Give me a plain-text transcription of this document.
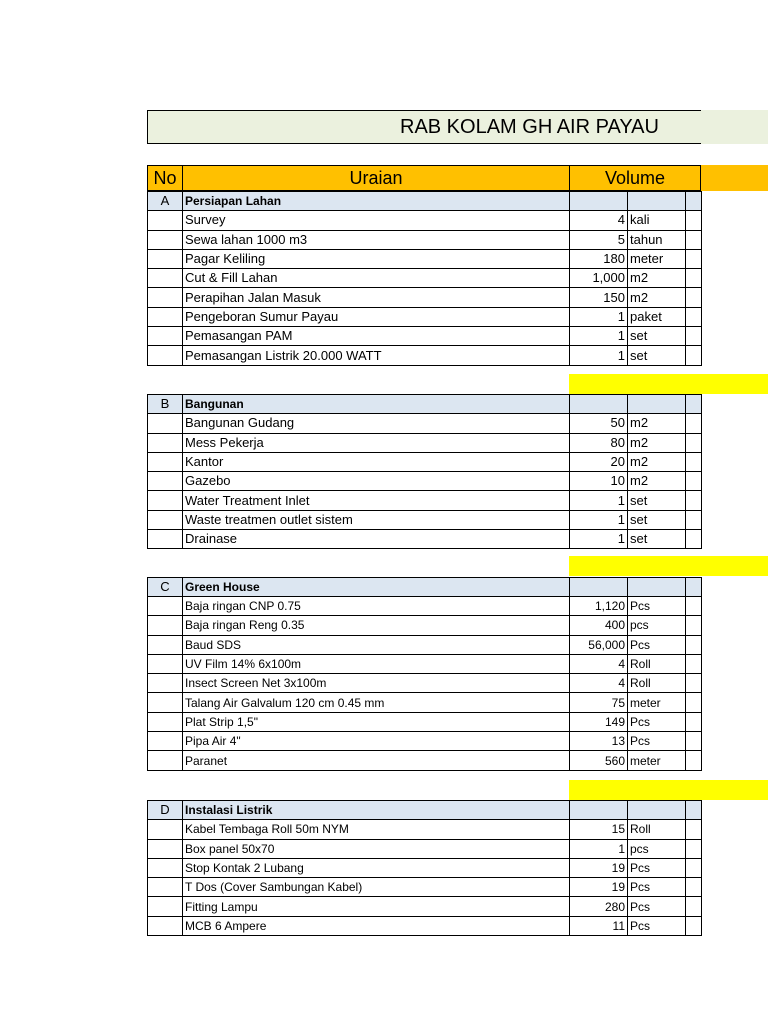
RAB KOLAM GH AIR PAYAU
No	Uraian	Volume
A	Persiapan Lahan			
	Survey	4	kali	
	Sewa lahan 1000 m3	5	tahun	
	Pagar Keliling	180	meter	
	Cut & Fill Lahan	1,000	m2	
	Perapihan Jalan Masuk	150	m2	
	Pengeboran Sumur Payau	1	paket	
	Pemasangan PAM	1	set	
	Pemasangan Listrik 20.000 WATT	1	set	
B	Bangunan			
	Bangunan Gudang	50	m2	
	Mess Pekerja	80	m2	
	Kantor	20	m2	
	Gazebo	10	m2	
	Water Treatment Inlet	1	set	
	Waste treatmen outlet sistem	1	set	
	Drainase	1	set	
C	Green House			
	Baja ringan CNP 0.75	1,120	Pcs	
	Baja ringan Reng 0.35	400	pcs	
	Baud SDS	56,000	Pcs	
	UV Film 14% 6x100m	4	Roll	
	Insect Screen Net 3x100m	4	Roll	
	Talang Air Galvalum 120 cm 0.45 mm	75	meter	
	Plat Strip 1,5"	149	Pcs	
	Pipa Air 4"	13	Pcs	
	Paranet	560	meter	
D	Instalasi Listrik			
	Kabel Tembaga Roll 50m NYM	15	Roll	
	Box panel 50x70	1	pcs	
	Stop Kontak 2 Lubang	19	Pcs	
	T Dos (Cover Sambungan Kabel)	19	Pcs	
	Fitting Lampu	280	Pcs	
	MCB 6 Ampere	11	Pcs	
